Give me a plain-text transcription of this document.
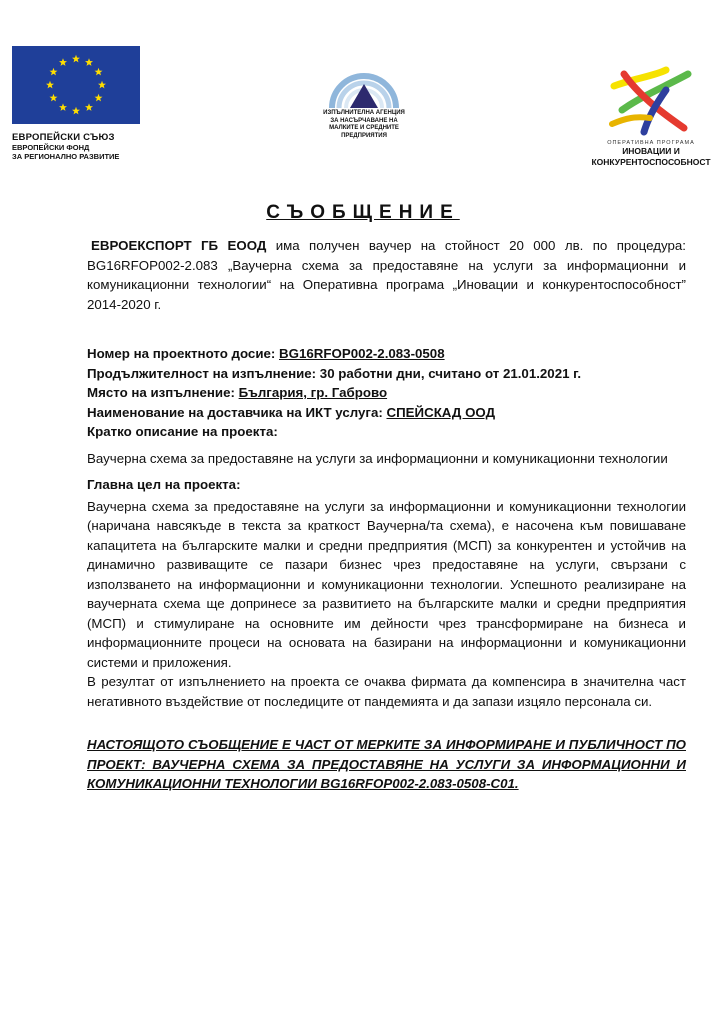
ЕВРОПЕЙСКИ СЪЮЗ
ЕВРОПЕЙСКИ ФОНД
ЗА РЕГИОНАЛНО РАЗВИТИЕ
ИЗПЪЛНИТЕЛНА АГЕНЦИЯ
ЗА НАСЪРЧАВАНЕ НА
МАЛКИТЕ И СРЕДНИТЕ
ПРЕДПРИЯТИЯ
ОПЕРАТИВНА ПРОГРАМА
ИНОВАЦИИ И
КОНКУРЕНТОСПОСОБНОСТ
СЪОБЩЕНИЕ

ЕВРОЕКСПОРТ ГБ ЕООД има получен ваучер на стойност 20 000 лв. по процедура: BG16RFOP002-2.083 „Ваучерна схема за предоставяне на услуги за информационни и комуникационни технологии“ на Оперативна програма „Иновации и конкурентоспособност” 2014-2020 г.

Номер на проектното досие: BG16RFOP002-2.083-0508

Продължителност на изпълнение: 30 работни дни, считано от 21.01.2021 г.

Място на изпълнение: България, гр. Габрово

Наименование на доставчика на ИКТ услуга: СПЕЙСКАД ООД

Кратко описание на проекта:

Ваучерна схема за предоставяне на услуги за информационни и комуникационни технологии

Главна цел на проекта:

Ваучерна схема за предоставяне на услуги за информационни и комуникационни технологии (наричана навсякъде в текста за краткост Ваучерна/та схема), е насочена към повишаване капацитета на българските малки и средни предприятия (МСП) за конкурентен и устойчив на динамично развиващите се пазари бизнес чрез предоставяне на услуги, свързани с използването на информационни и комуникационни технологии. Успешното реализиране на ваучерната схема ще допринесе за развитието на българските малки и средни предприятия (МСП) и стимулиране на основните им дейности чрез трансформиране на бизнеса и информационните процеси на основата на базирани на информационни и комуникационни системи и приложения.

В резултат от изпълнението на проекта се очаква фирмата да компенсира в значителна част негативното въздействие от последиците от пандемията и да запази изцяло персонала си.

НАСТОЯЩОТО СЪОБЩЕНИЕ Е ЧАСТ ОТ МЕРКИТЕ ЗА ИНФОРМИРАНЕ И ПУБЛИЧНОСТ ПО ПРОЕКТ: ВАУЧЕРНА СХЕМА ЗА ПРЕДОСТАВЯНЕ НА УСЛУГИ ЗА ИНФОРМАЦИОННИ И КОМУНИКАЦИОННИ ТЕХНОЛОГИИ BG16RFOP002-2.083-0508-С01.
